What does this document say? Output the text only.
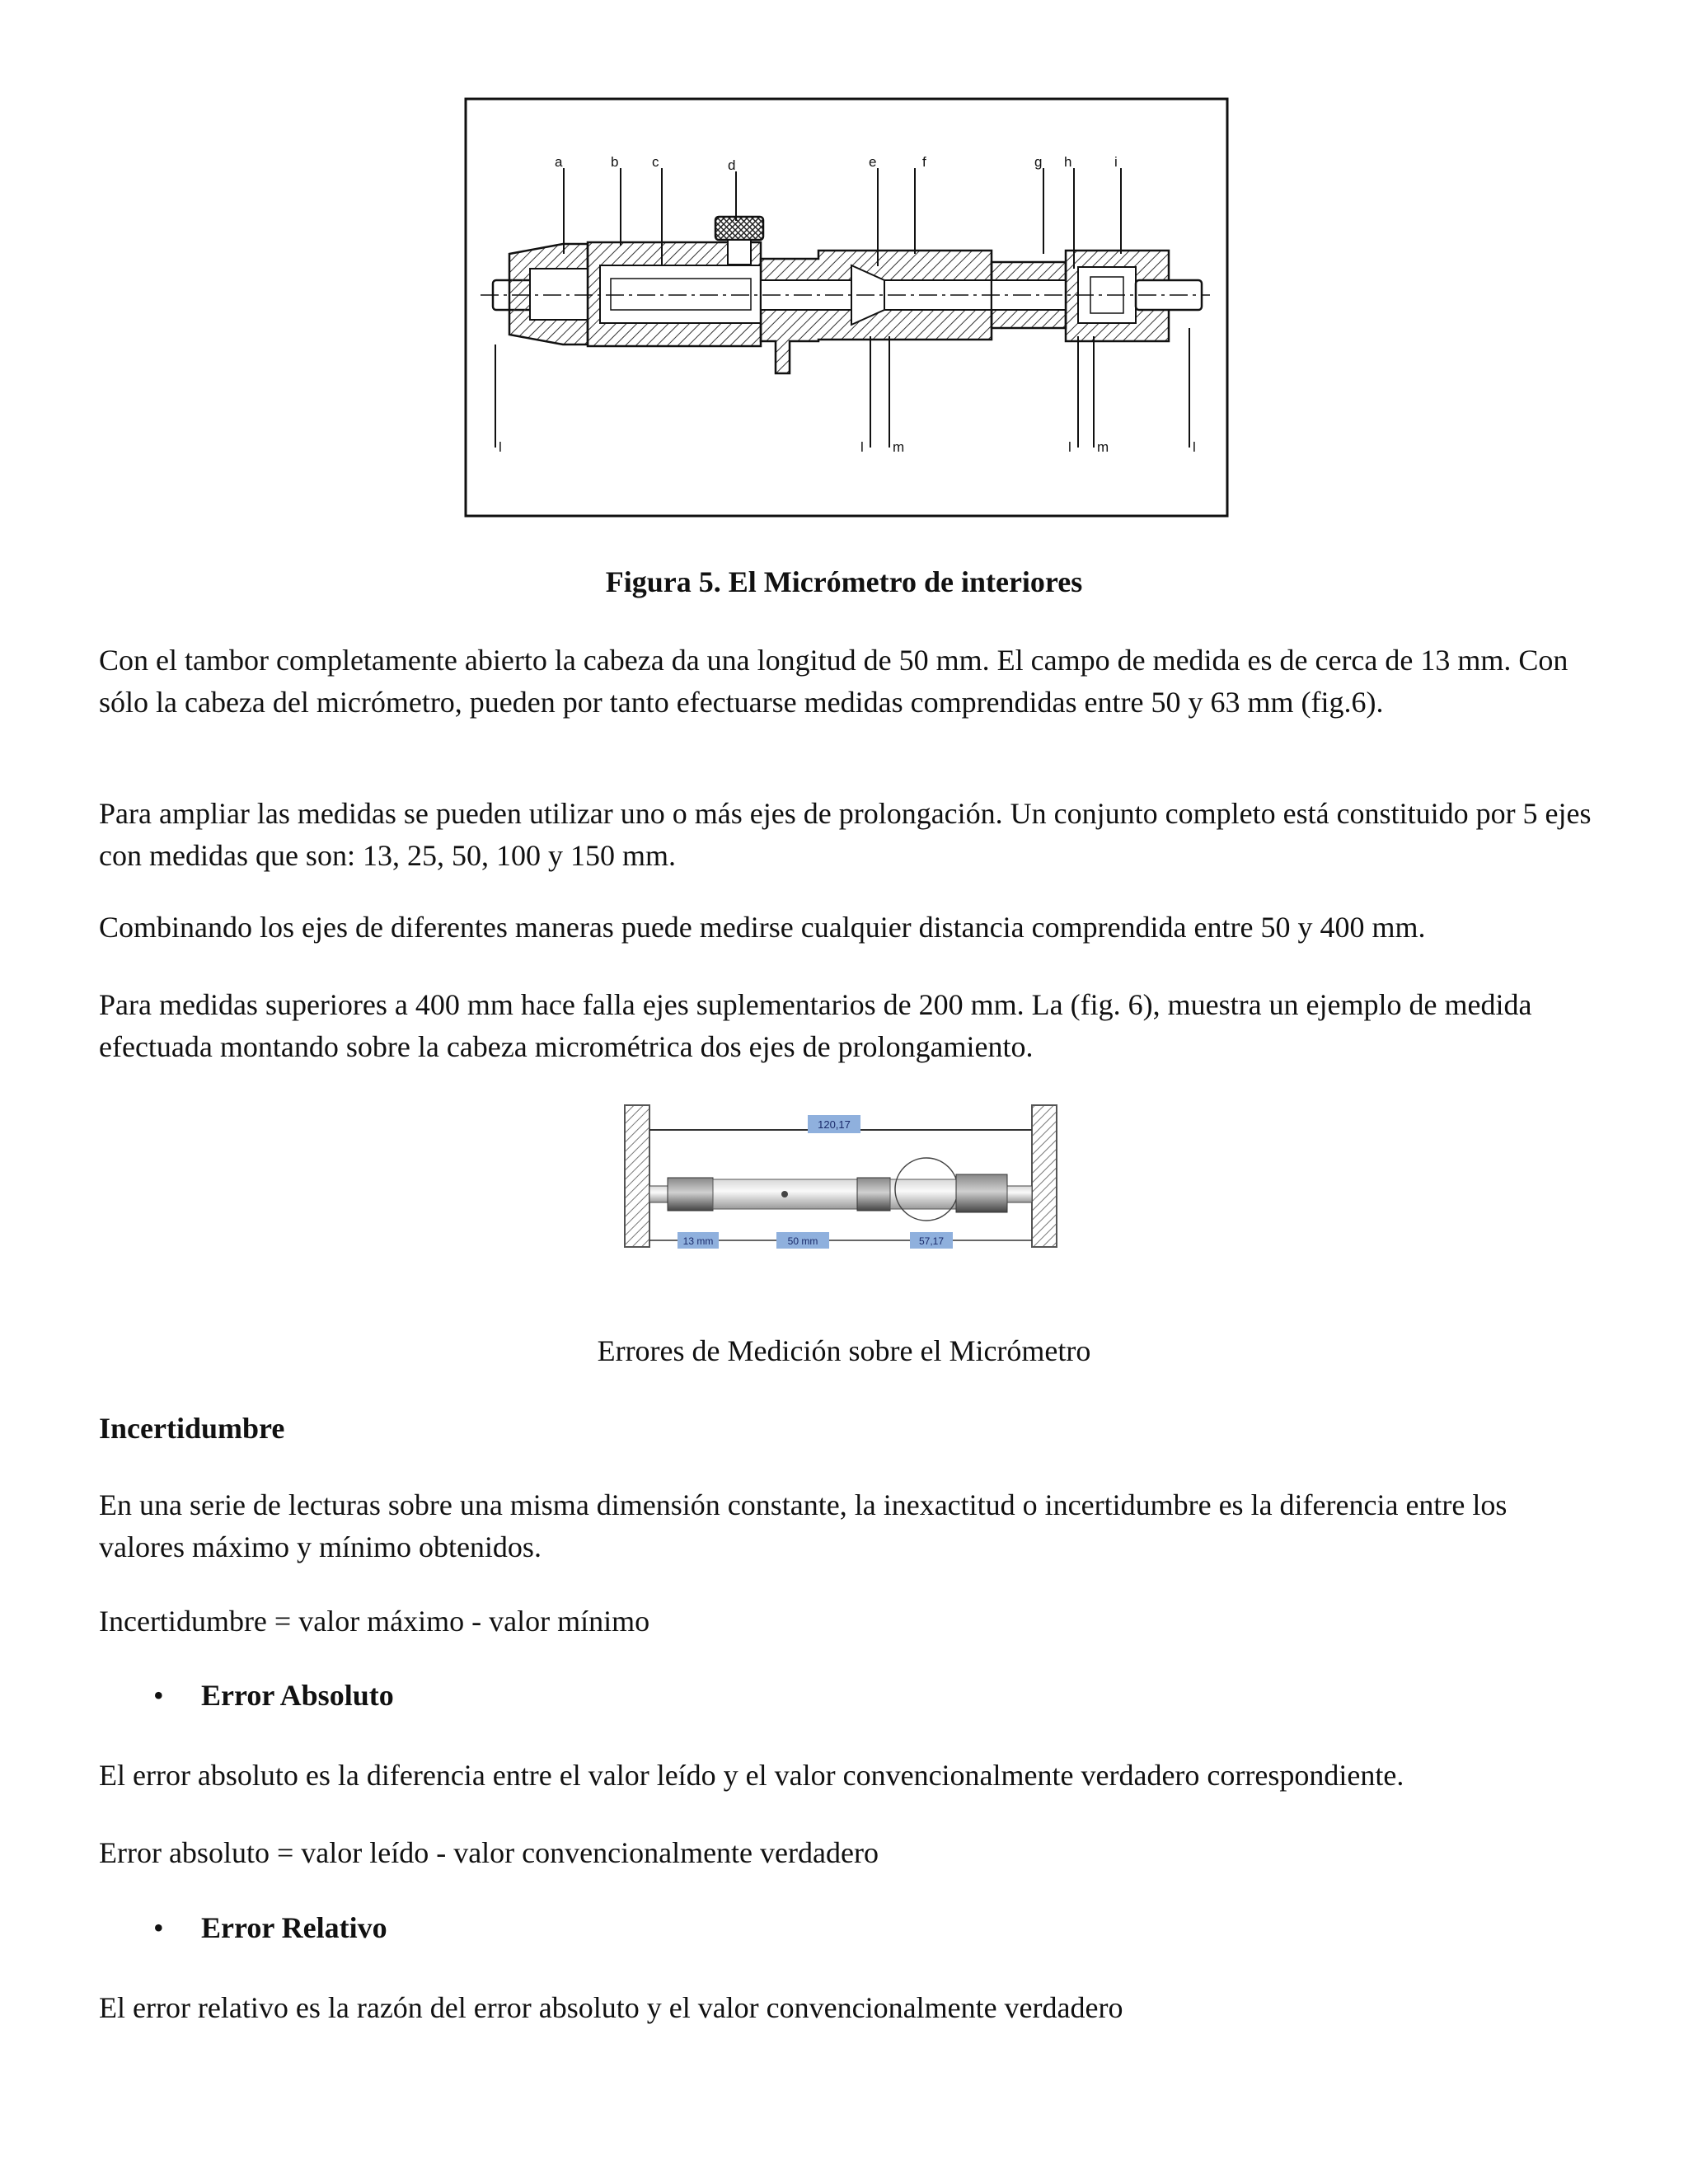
a	b c	d	e	f	g h	i
l	l m	l m	l
Figura 5. El Micrómetro de interiores

Con el tambor completamente abierto la cabeza da una longitud de 50 mm. El campo de medida es de cerca de 13 mm. Con sólo la cabeza del micrómetro, pueden por tanto efectuarse medidas comprendidas entre 50 y 63 mm (fig.6).

Para ampliar las medidas se pueden utilizar uno o más ejes de prolongación. Un conjunto completo está constituido por 5 ejes con medidas que son: 13, 25, 50, 100 y 150 mm.

Combinando los ejes de diferentes maneras puede medirse cualquier distancia comprendida entre 50 y 400 mm.

Para medidas superiores a 400 mm hace falla ejes suplementarios de 200 mm. La (fig. 6), muestra un ejemplo de medida efectuada montando sobre la cabeza micrométrica dos ejes de prolongamiento.

120,17
13 mm	50 mm	57,17
Errores de Medición sobre el Micrómetro
Incertidumbre

En una serie de lecturas sobre una misma dimensión constante, la inexactitud o incertidumbre es la diferencia entre los valores máximo y mínimo obtenidos.

Incertidumbre = valor máximo - valor mínimo

• Error Absoluto

El error absoluto es la diferencia entre el valor leído y el valor convencionalmente verdadero correspondiente.

Error absoluto = valor leído - valor convencionalmente verdadero

• Error Relativo

El error relativo es la razón del error absoluto y el valor convencionalmente verdadero
